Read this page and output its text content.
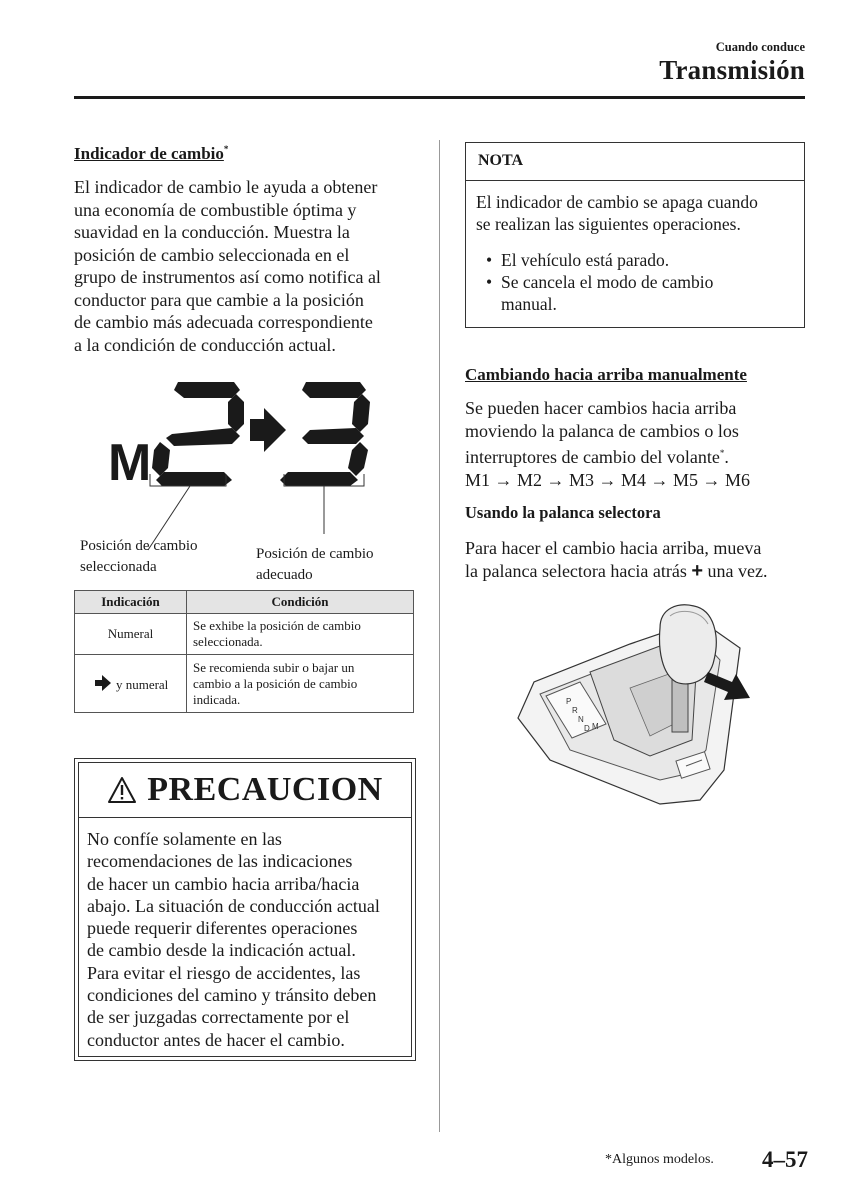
Cuando conduce
Transmisión
Indicador de cambio*
El indicador de cambio le ayuda a obtener
una economía de combustible óptima y
suavidad en la conducción. Muestra la
posición de cambio seleccionada en el
grupo de instrumentos así como notifica al
conductor para que cambie a la posición
de cambio más adecuada correspondiente
a la condición de conducción actual.
M
Posición de cambio
seleccionada
Posición de cambio
adecuado
Indicación	Condición
Numeral	Se exhibe la posición de cambio
seleccionada.

y numeral	Se recomienda subir o bajar un
cambio a la posición de cambio
indicada.
PRECAUCION
No confíe solamente en las
recomendaciones de las indicaciones
de hacer un cambio hacia arriba/hacia
abajo. La situación de conducción actual
puede requerir diferentes operaciones
de cambio desde la indicación actual.
Para evitar el riesgo de accidentes, las
condiciones del camino y tránsito deben
de ser juzgadas correctamente por el
conductor antes de hacer el cambio.
NOTA
El indicador de cambio se apaga cuando
se realizan las siguientes operaciones.
• El vehículo está parado.
• Se cancela el modo de cambio
manual.
Cambiando hacia arriba manualmente
Se pueden hacer cambios hacia arriba
moviendo la palanca de cambios o los
interruptores de cambio del volante*.
M1 → M2 → M3 → M4 → M5 → M6
Usando la palanca selectora
Para hacer el cambio hacia arriba, mueva
la palanca selectora hacia atrás + una vez.
P
R
N
D M
*Algunos modelos. 4–57
